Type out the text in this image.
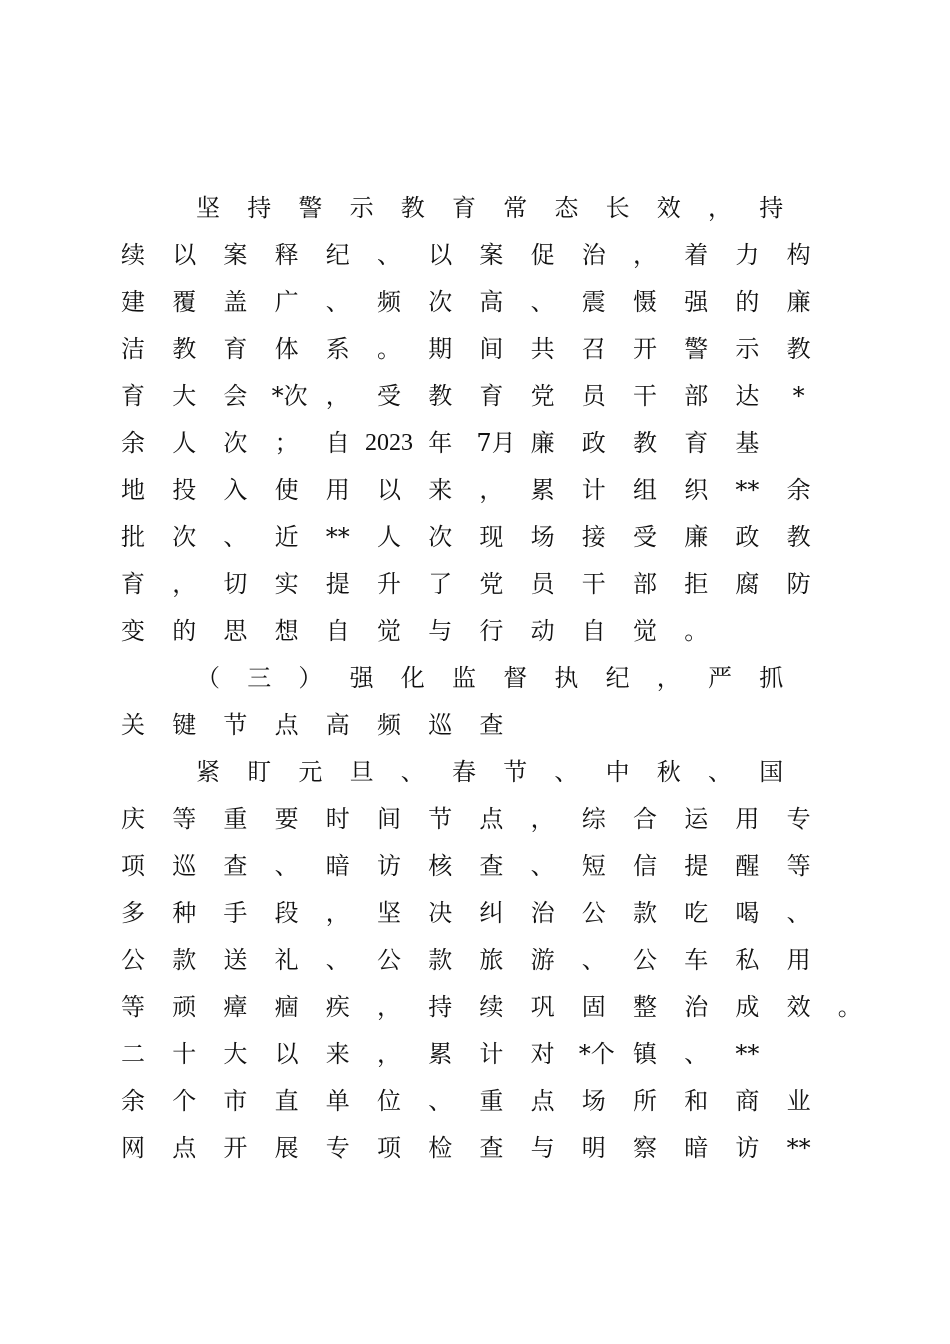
坚 持 警 示 教 育 常 态 长 效 ， 持
续 以 案 释 纪 、 以 案 促 治 ， 着 力 构
建 覆 盖 广 、 频 次 高 、 震 慑 强 的 廉
洁 教 育 体 系 。 期 间 共 召 开 警 示 教
育 大 会 *次 ， 受 教 育 党 员 干 部 达	*
余 人 次 ； 自 2023 年 7月 廉 政 教 育 基
地 投 入 使 用 以 来 ， 累 计 组 织 ** 余
批 次 、 近 ** 人 次 现 场 接 受 廉 政 教
育 ， 切 实 提 升 了 党 员 干 部 拒 腐 防
变 的 思 想 自 觉 与 行 动 自 觉 。
（ 三 ） 强 化 监 督 执 纪 ， 严 抓
关 键 节 点 高 频 巡 查
紧 盯 元 旦 、 春 节 、 中 秋 、 国
庆 等 重 要 时 间 节 点 ， 综 合 运 用 专
项 巡 查 、 暗 访 核 查 、 短 信 提 醒 等
多 种 手 段 ， 坚 决 纠 治 公 款 吃 喝 、
公 款 送 礼 、 公 款 旅 游 、 公 车 私 用
等 顽 瘴 痼 疾 ， 持 续 巩 固 整 治 成 效 。
二 十 大 以 来 ， 累 计 对 *个 镇 、 **
余 个 市 直 单 位 、 重 点 场 所 和 商 业
网 点 开 展 专 项 检 查 与 明 察 暗 访 **
